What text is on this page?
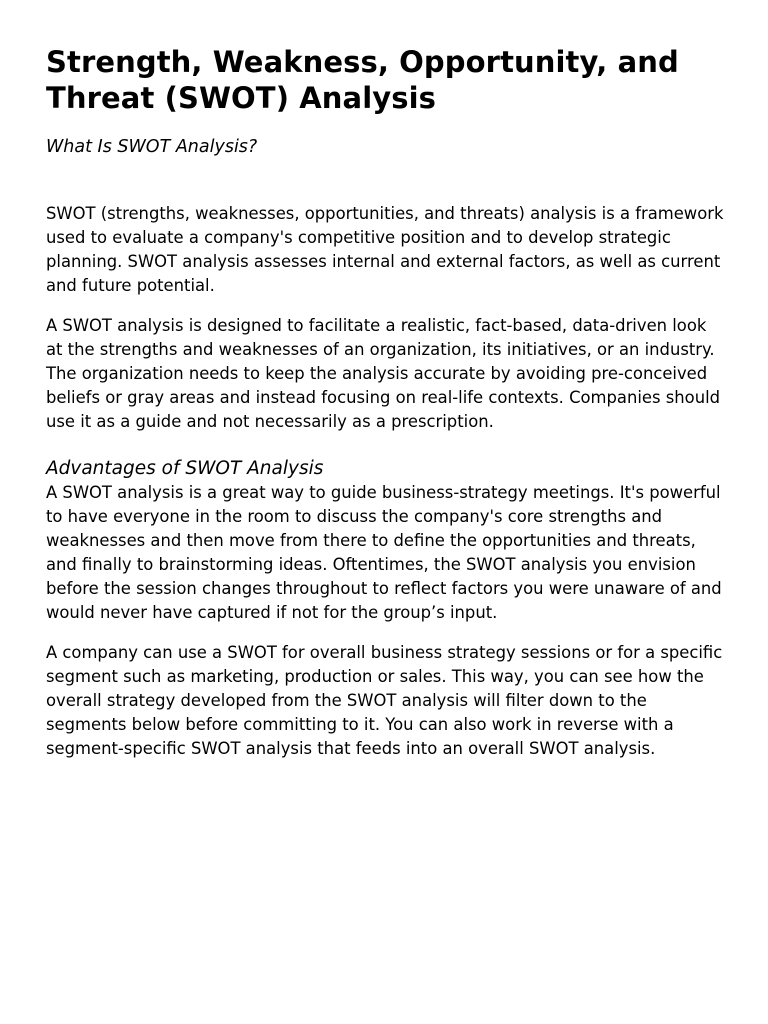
Strength, Weakness, Opportunity, and Threat (SWOT) Analysis
What Is SWOT Analysis?

SWOT (strengths, weaknesses, opportunities, and threats) analysis is a framework used to evaluate a company's competitive position and to develop strategic planning. SWOT analysis assesses internal and external factors, as well as current and future potential.

A SWOT analysis is designed to facilitate a realistic, fact-based, data-driven look at the strengths and weaknesses of an organization, its initiatives, or an industry. The organization needs to keep the analysis accurate by avoiding pre-conceived beliefs or gray areas and instead focusing on real-life contexts. Companies should use it as a guide and not necessarily as a prescription.

Advantages of SWOT Analysis

A SWOT analysis is a great way to guide business-strategy meetings. It's powerful to have everyone in the room to discuss the company's core strengths and weaknesses and then move from there to define the opportunities and threats, and finally to brainstorming ideas. Oftentimes, the SWOT analysis you envision before the session changes throughout to reflect factors you were unaware of and would never have captured if not for the group’s input.

A company can use a SWOT for overall business strategy sessions or for a specific segment such as marketing, production or sales. This way, you can see how the overall strategy developed from the SWOT analysis will filter down to the segments below before committing to it. You can also work in reverse with a segment-specific SWOT analysis that feeds into an overall SWOT analysis.
